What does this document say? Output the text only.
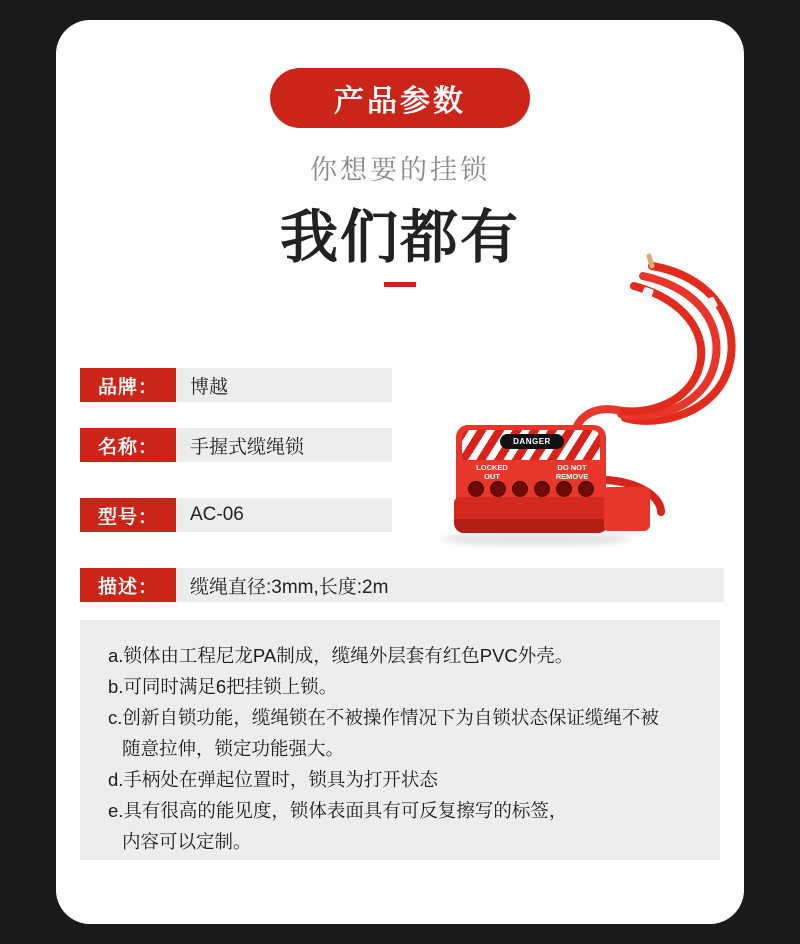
产品参数
你想要的挂锁
我们都有
DANGER
LOCKED
OUT
DO NOT
REMOVE
品牌：	博越
名称：	手握式缆绳锁
型号：	AC-06
描述：	缆绳直径:3mm,长度:2m

a.锁体由工程尼龙PA制成，缆绳外层套有红色PVC外壳。

b.可同时满足6把挂锁上锁。

c.创新自锁功能，缆绳锁在不被操作情况下为自锁状态保证缆绳不被

随意拉伸，锁定功能强大。

d.手柄处在弹起位置时，锁具为打开状态

e.具有很高的能见度，锁体表面具有可反复擦写的标签，

内容可以定制。
